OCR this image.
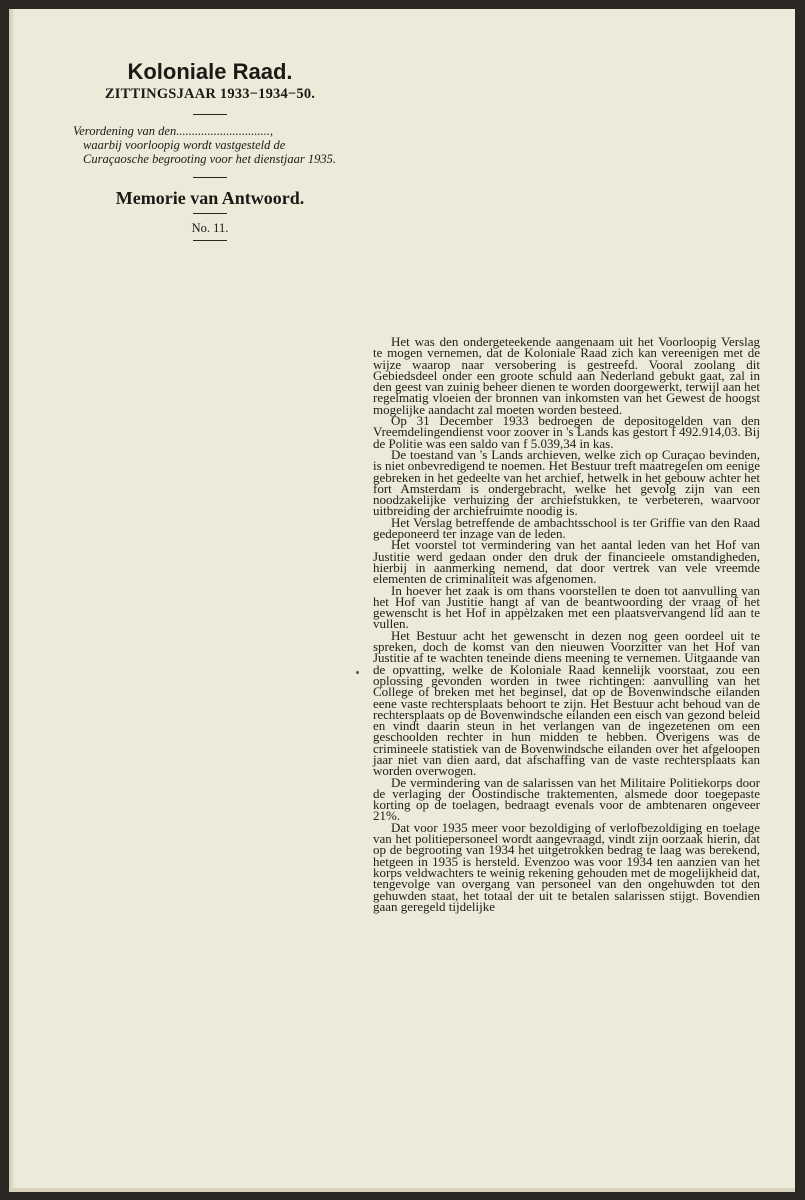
Koloniale Raad.
ZITTINGSJAAR 1933−1934−50.

Verordening van den..............................,
waarbij voorloopig wordt vastgesteld de Curaçaosche begrooting voor het dienstjaar 1935.

Memorie van Antwoord.
No. 11.

Het was den ondergeteekende aangenaam uit het Voorloopig Verslag te mogen vernemen, dat de Koloniale Raad zich kan vereenigen met de wijze waarop naar versobering is gestreefd. Vooral zoolang dit Gebiedsdeel onder een groote schuld aan Nederland gebukt gaat, zal in den geest van zuinig beheer dienen te worden doorgewerkt, terwijl aan het regelmatig vloeien der bronnen van inkomsten van het Gewest de hoogst mogelijke aandacht zal moeten worden besteed.

Op 31 December 1933 bedroegen de depositogelden van den Vreemdelingendienst voor zoover in 's Lands kas gestort f 492.914,03. Bij de Politie was een saldo van f 5.039,34 in kas.

De toestand van 's Lands archieven, welke zich op Curaçao bevinden, is niet onbevredigend te noemen. Het Bestuur treft maatregelen om eenige gebreken in het gedeelte van het archief, hetwelk in het gebouw achter het fort Amsterdam is ondergebracht, welke het gevolg zijn van een noodzakelijke verhuizing der archiefstukken, te verbeteren, waarvoor uitbreiding der archiefruimte noodig is.

Het Verslag betreffende de ambachtsschool is ter Griffie van den Raad gedeponeerd ter inzage van de leden.

Het voorstel tot vermindering van het aantal leden van het Hof van Justitie werd gedaan onder den druk der financieele omstandigheden, hierbij in aanmerking nemend, dat door vertrek van vele vreemde elementen de criminaliteit was afgenomen.

In hoever het zaak is om thans voorstellen te doen tot aanvulling van het Hof van Justitie hangt af van de beantwoording der vraag of het gewenscht is het Hof in appèlzaken met een plaatsvervangend lid aan te vullen.

Het Bestuur acht het gewenscht in dezen nog geen oordeel uit te spreken, doch de komst van den nieuwen Voorzitter van het Hof van Justitie af te wachten teneinde diens meening te vernemen. Uitgaande van de opvatting, welke de Koloniale Raad kennelijk voorstaat, zou een oplossing gevonden worden in twee richtingen: aanvulling van het College of breken met het beginsel, dat op de Bovenwindsche eilanden eene vaste rechtersplaats behoort te zijn. Het Bestuur acht behoud van de rechtersplaats op de Bovenwindsche eilanden een eisch van gezond beleid en vindt daarin steun in het verlangen van de ingezetenen om een geschoolden rechter in hun midden te hebben. Overigens was de crimineele statistiek van de Bovenwindsche eilanden over het afgeloopen jaar niet van dien aard, dat afschaffing van de vaste rechtersplaats kan worden overwogen.

De vermindering van de salarissen van het Militaire Politiekorps door de verlaging der Oostindische traktementen, alsmede door toegepaste korting op de toelagen, bedraagt evenals voor de ambtenaren ongeveer 21%.

Dat voor 1935 meer voor bezoldiging of verlofbezoldiging en toelage van het politiepersoneel wordt aangevraagd, vindt zijn oorzaak hierin, dat op de begrooting van 1934 het uitgetrokken bedrag te laag was berekend, hetgeen in 1935 is hersteld. Evenzoo was voor 1934 ten aanzien van het korps veldwachters te weinig rekening gehouden met de mogelijkheid dat, tengevolge van overgang van personeel van den ongehuwden tot den gehuwden staat, het totaal der uit te betalen salarissen stijgt. Bovendien gaan geregeld tijdelijke
